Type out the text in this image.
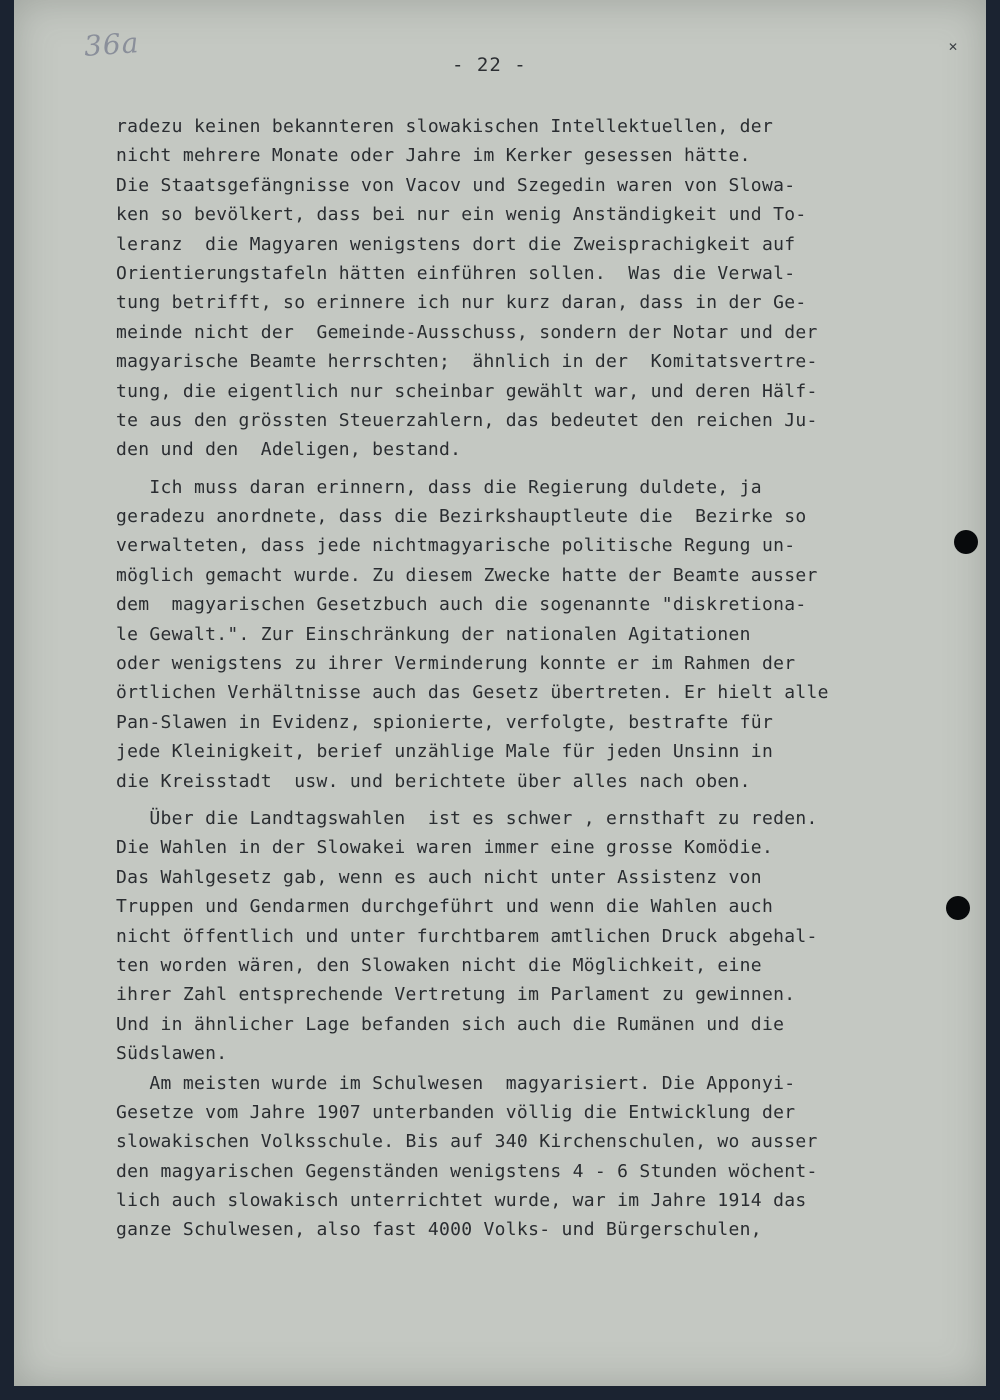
36a	✕
- 22 -
radezu keinen bekannteren slowakischen Intellektuellen, der
nicht mehrere Monate oder Jahre im Kerker gesessen hätte.
Die Staatsgefängnisse von Vacov und Szegedin waren von Slowa-
ken so bevölkert, dass bei nur ein wenig Anständigkeit und To-
leranz  die Magyaren wenigstens dort die Zweisprachigkeit auf
Orientierungstafeln hätten einführen sollen.  Was die Verwal-
tung betrifft, so erinnere ich nur kurz daran, dass in der Ge-
meinde nicht der  Gemeinde-Ausschuss, sondern der Notar und der
magyarische Beamte herrschten;  ähnlich in der  Komitatsvertre-
tung, die eigentlich nur scheinbar gewählt war, und deren Hälf-
te aus den grössten Steuerzahlern, das bedeutet den reichen Ju-
den und den  Adeligen, bestand.
Ich muss daran erinnern, dass die Regierung duldete, ja
geradezu anordnete, dass die Bezirkshauptleute die  Bezirke so
verwalteten, dass jede nichtmagyarische politische Regung un-
möglich gemacht wurde. Zu diesem Zwecke hatte der Beamte ausser
dem  magyarischen Gesetzbuch auch die sogenannte "diskretiona-
le Gewalt.". Zur Einschränkung der nationalen Agitationen
oder wenigstens zu ihrer Verminderung konnte er im Rahmen der
örtlichen Verhältnisse auch das Gesetz übertreten. Er hielt alle
Pan-Slawen in Evidenz, spionierte, verfolgte, bestrafte für
jede Kleinigkeit, berief unzählige Male für jeden Unsinn in
die Kreisstadt  usw. und berichtete über alles nach oben.
Über die Landtagswahlen  ist es schwer , ernsthaft zu reden.
Die Wahlen in der Slowakei waren immer eine grosse Komödie.
Das Wahlgesetz gab, wenn es auch nicht unter Assistenz von
Truppen und Gendarmen durchgeführt und wenn die Wahlen auch
nicht öffentlich und unter furchtbarem amtlichen Druck abgehal-
ten worden wären, den Slowaken nicht die Möglichkeit, eine
ihrer Zahl entsprechende Vertretung im Parlament zu gewinnen.
Und in ähnlicher Lage befanden sich auch die Rumänen und die
Südslawen.
Am meisten wurde im Schulwesen  magyarisiert. Die Apponyi-
Gesetze vom Jahre 1907 unterbanden völlig die Entwicklung der
slowakischen Volksschule. Bis auf 340 Kirchenschulen, wo ausser
den magyarischen Gegenständen wenigstens 4 - 6 Stunden wöchent-
lich auch slowakisch unterrichtet wurde, war im Jahre 1914 das
ganze Schulwesen, also fast 4000 Volks- und Bürgerschulen,
